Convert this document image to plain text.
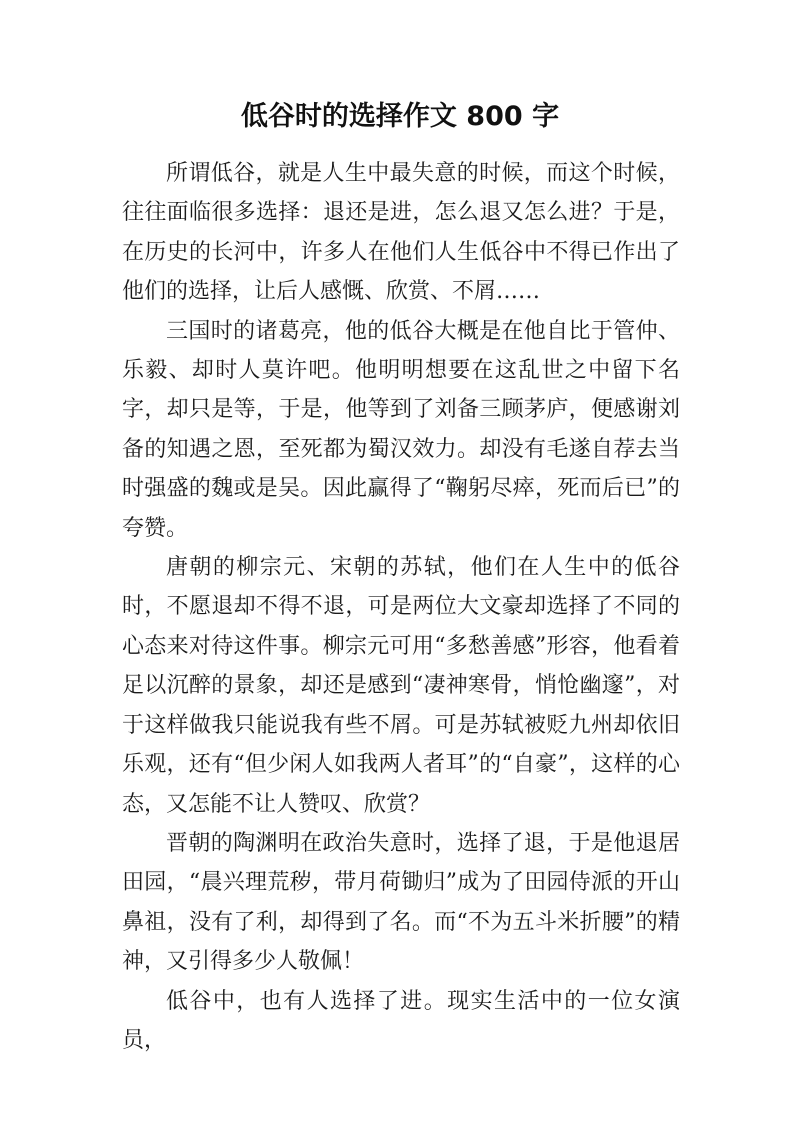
低谷时的选择作文 800 字

所谓低谷，就是人生中最失意的时候，而这个时候，往往面临很多选择：退还是进，怎么退又怎么进？于是，在历史的长河中，许多人在他们人生低谷中不得已作出了他们的选择，让后人感慨、欣赏、不屑……

三国时的诸葛亮，他的低谷大概是在他自比于管仲、乐毅、却时人莫许吧。他明明想要在这乱世之中留下名字，却只是等，于是，他等到了刘备三顾茅庐，便感谢刘备的知遇之恩，至死都为蜀汉效力。却没有毛遂自荐去当时强盛的魏或是吴。因此赢得了“鞠躬尽瘁，死而后已”的夸赞。

唐朝的柳宗元、宋朝的苏轼，他们在人生中的低谷时，不愿退却不得不退，可是两位大文豪却选择了不同的心态来对待这件事。柳宗元可用“多愁善感”形容，他看着足以沉醉的景象，却还是感到“凄神寒骨，悄怆幽邃”，对于这样做我只能说我有些不屑。可是苏轼被贬九州却依旧乐观，还有“但少闲人如我两人者耳”的“自豪”，这样的心态，又怎能不让人赞叹、欣赏？

晋朝的陶渊明在政治失意时，选择了退，于是他退居田园，“晨兴理荒秽，带月荷锄归”成为了田园侍派的开山鼻祖，没有了利，却得到了名。而“不为五斗米折腰”的精神，又引得多少人敬佩！

低谷中，也有人选择了进。现实生活中的一位女演员，
